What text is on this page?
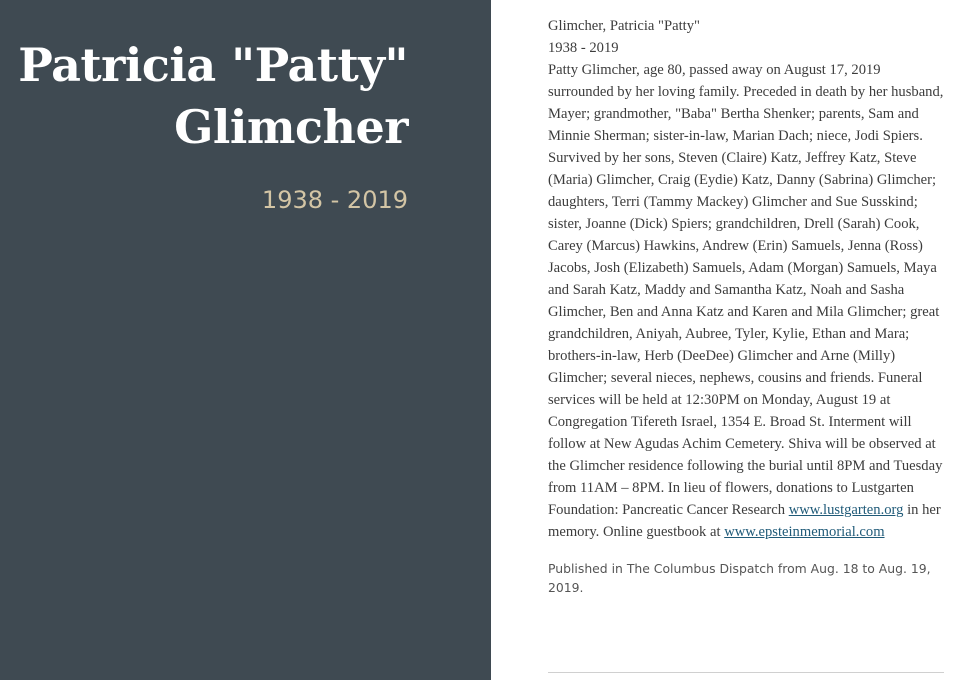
Patricia "Patty"
Glimcher
1938 - 2019

Glimcher, Patricia "Patty"
1938 - 2019
Patty Glimcher, age 80, passed away on August 17, 2019 surrounded by her loving family. Preceded in death by her husband, Mayer; grandmother, "Baba" Bertha Shenker; parents, Sam and Minnie Sherman; sister-in-law, Marian Dach; niece, Jodi Spiers. Survived by her sons, Steven (Claire) Katz, Jeffrey Katz, Steve (Maria) Glimcher, Craig (Eydie) Katz, Danny (Sabrina) Glimcher; daughters, Terri (Tammy Mackey) Glimcher and Sue Susskind; sister, Joanne (Dick) Spiers; grandchildren, Drell (Sarah) Cook, Carey (Marcus) Hawkins, Andrew (Erin) Samuels, Jenna (Ross) Jacobs, Josh (Elizabeth) Samuels, Adam (Morgan) Samuels, Maya and Sarah Katz, Maddy and Samantha Katz, Noah and Sasha Glimcher, Ben and Anna Katz and Karen and Mila Glimcher; great grandchildren, Aniyah, Aubree, Tyler, Kylie, Ethan and Mara; brothers-in-law, Herb (DeeDee) Glimcher and Arne (Milly) Glimcher; several nieces, nephews, cousins and friends. Funeral services will be held at 12:30PM on Monday, August 19 at Congregation Tifereth Israel, 1354 E. Broad St. Interment will follow at New Agudas Achim Cemetery. Shiva will be observed at the Glimcher residence following the burial until 8PM and Tuesday from 11AM – 8PM. In lieu of flowers, donations to Lustgarten Foundation: Pancreatic Cancer Research www.lustgarten.org in her memory. Online guestbook at www.epsteinmemorial.com

Published in The Columbus Dispatch from Aug. 18 to Aug. 19, 2019.
